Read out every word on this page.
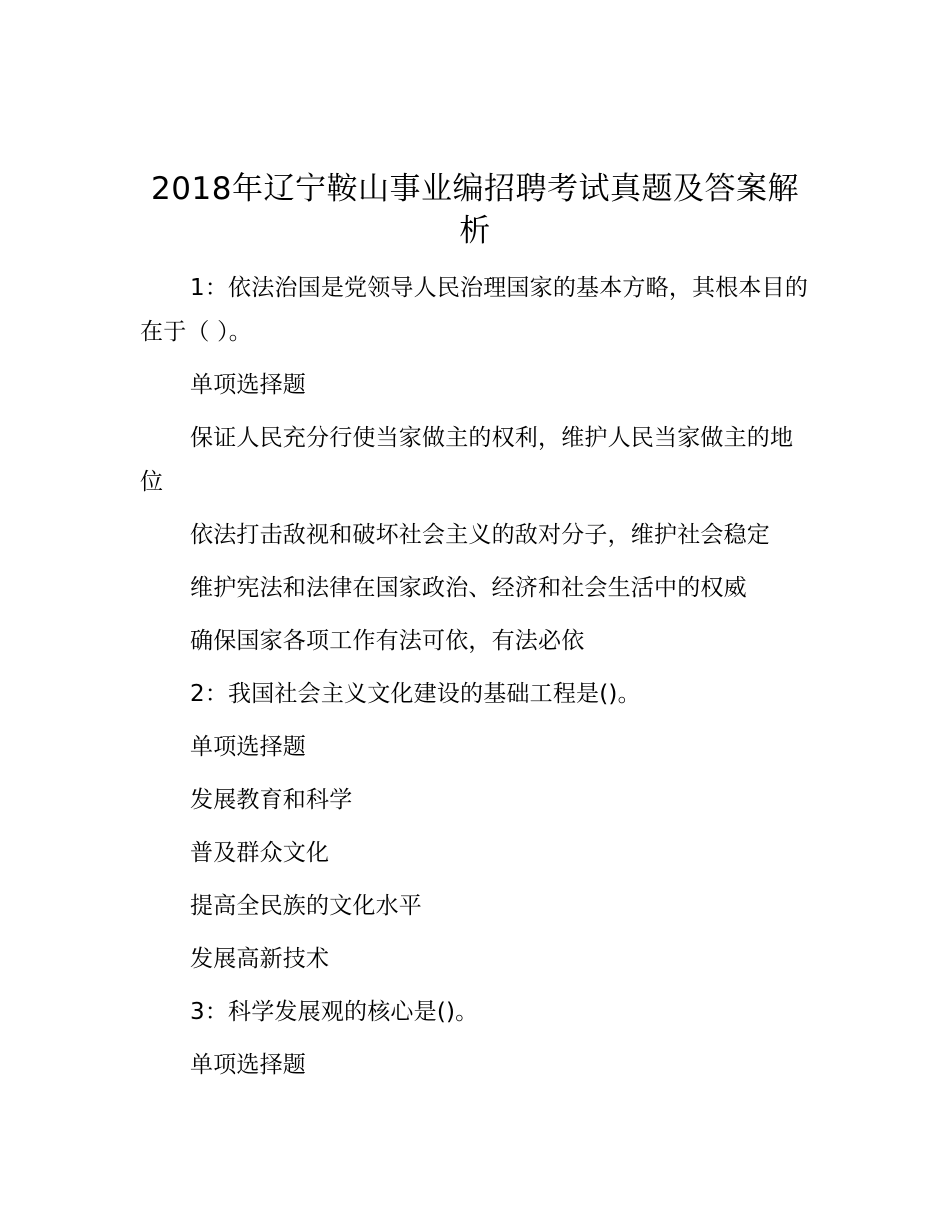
2018年辽宁鞍山事业编招聘考试真题及答案解析

1：依法治国是党领导人民治理国家的基本方略，其根本目的在于（ ）。

单项选择题

保证人民充分行使当家做主的权利，维护人民当家做主的地位

依法打击敌视和破坏社会主义的敌对分子，维护社会稳定

维护宪法和法律在国家政治、经济和社会生活中的权威

确保国家各项工作有法可依，有法必依

2：我国社会主义文化建设的基础工程是()。

单项选择题

发展教育和科学

普及群众文化

提高全民族的文化水平

发展高新技术

3：科学发展观的核心是()。

单项选择题
